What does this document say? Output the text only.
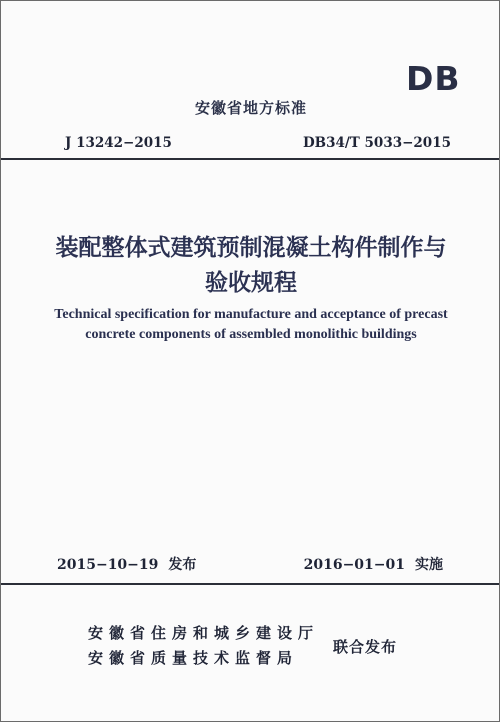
DB
安徽省地方标准
J 13242−2015	DB34/T 5033−2015
装配整体式建筑预制混凝土构件制作与
验收规程
Technical specification for manufacture and acceptance of precast
concrete components of assembled monolithic buildings
2015−10−19 发布	2016−01−01 实施
安徽省住房和城乡建设厅
安徽省质量技术监督局
联合发布
